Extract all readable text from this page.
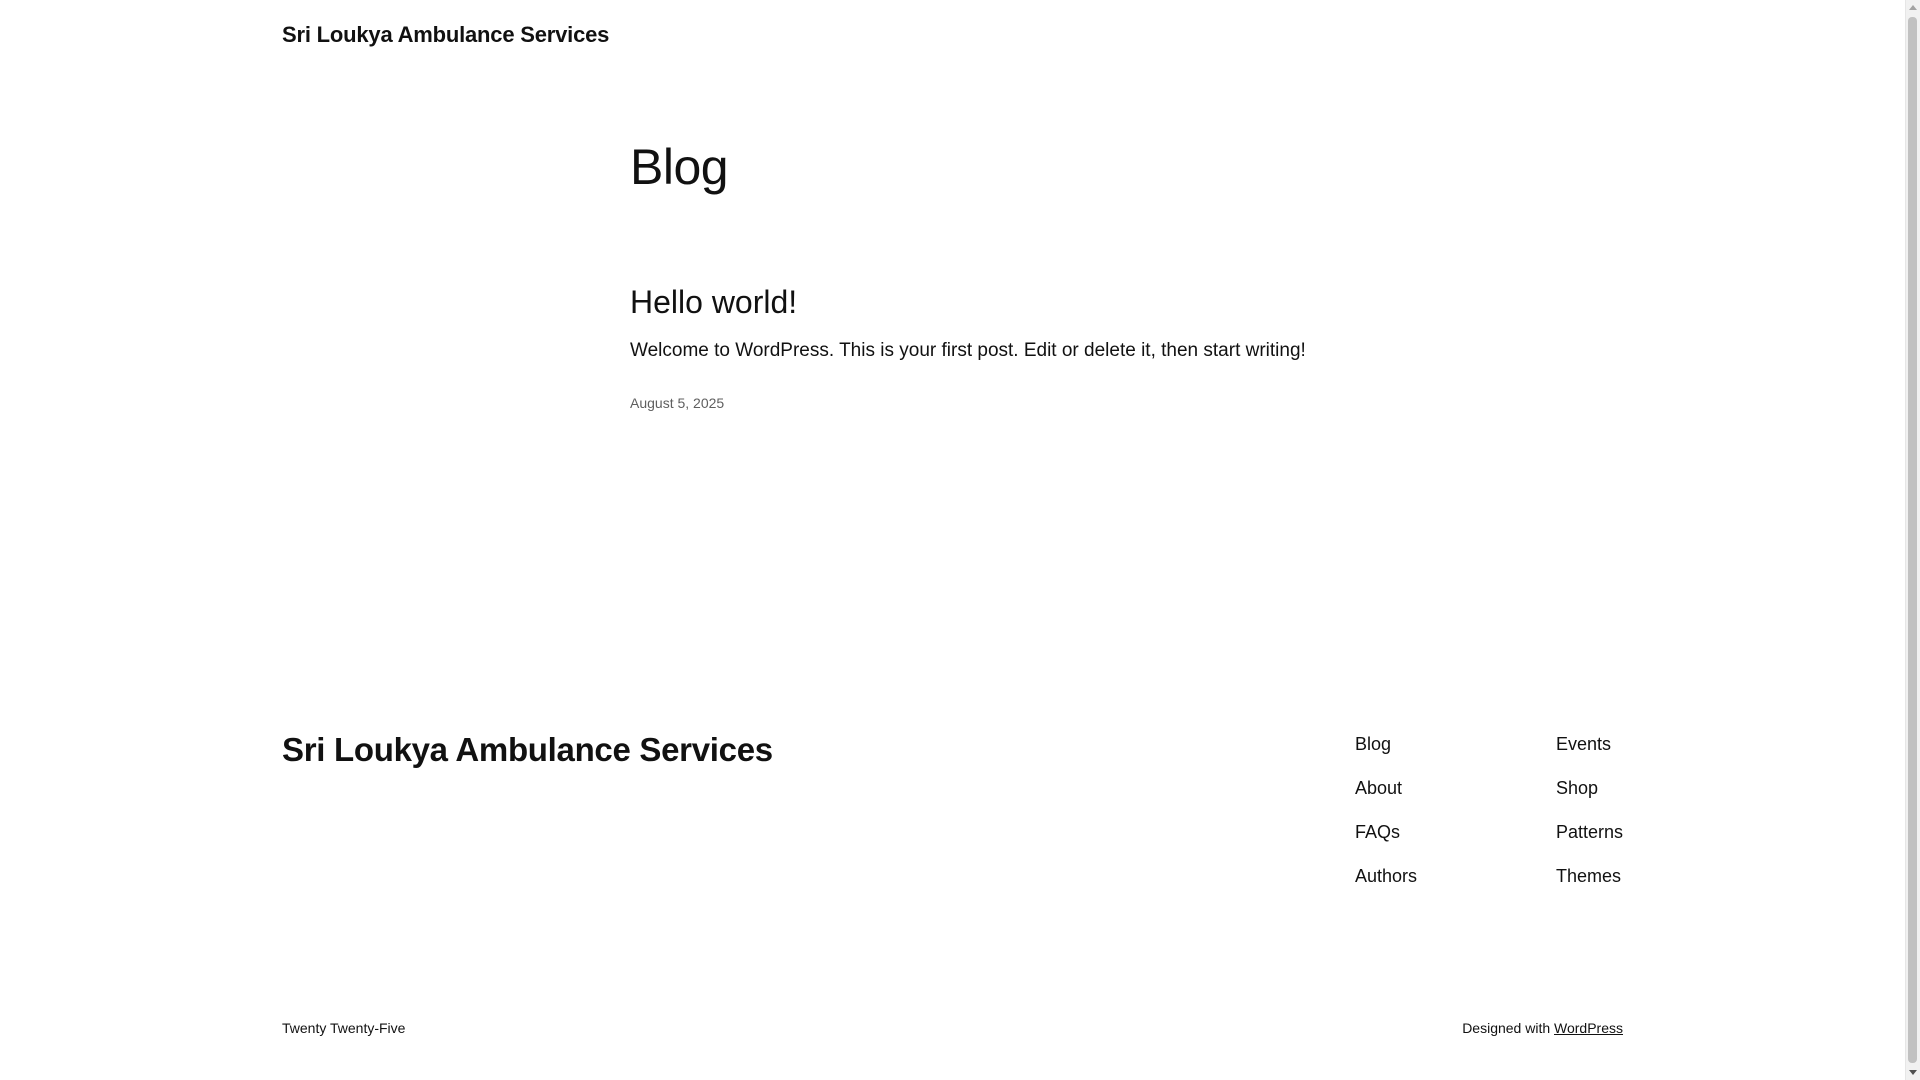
Sri Loukya Ambulance Services
Blog
Hello world!

Welcome to WordPress. This is your first post. Edit or delete it, then start writing!

August 5, 2025
Sri Loukya Ambulance Services	Blog
About
FAQs
Authors
Events
Shop
Patterns
Themes
Twenty Twenty-Five	Designed with WordPress
